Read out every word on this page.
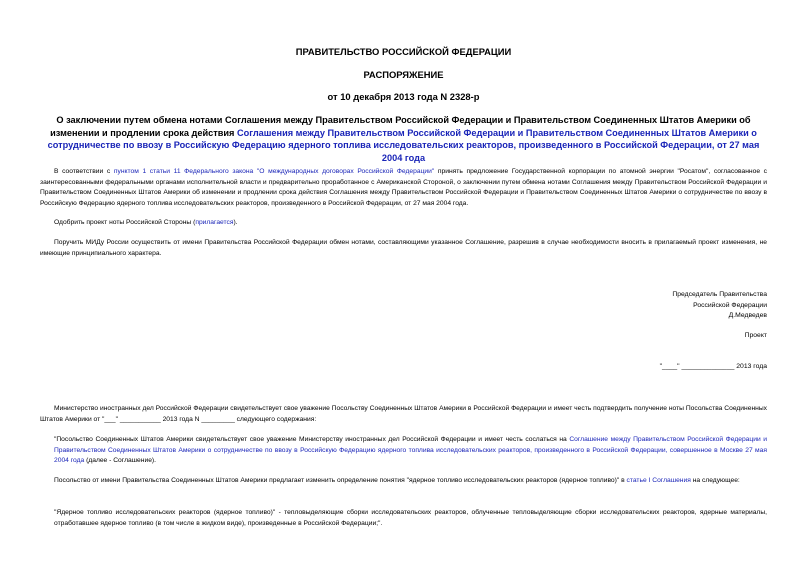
ПРАВИТЕЛЬСТВО РОССИЙСКОЙ ФЕДЕРАЦИИ
РАСПОРЯЖЕНИЕ
от 10 декабря 2013 года N 2328-р
О заключении путем обмена нотами Соглашения между Правительством Российской Федерации и Правительством Соединенных Штатов Америки об изменении и продлении срока действия Соглашения между Правительством Российской Федерации и Правительством Соединенных Штатов Америки о сотрудничестве по ввозу в Российскую Федерацию ядерного топлива исследовательских реакторов, произведенного в Российской Федерации, от 27 мая 2004 года
В соответствии с пунктом 1 статьи 11 Федерального закона "О международных договорах Российской Федерации" принять предложение Государственной корпорации по атомной энергии "Росатом", согласованное с заинтересованными федеральными органами исполнительной власти и предварительно проработанное с Американской Стороной, о заключении путем обмена нотами Соглашения между Правительством Российской Федерации и Правительством Соединенных Штатов Америки об изменении и продлении срока действия Соглашения между Правительством Российской Федерации и Правительством Соединенных Штатов Америки о сотрудничестве по ввозу в Российскую Федерацию ядерного топлива исследовательских реакторов, произведенного в Российской Федерации, от 27 мая 2004 года.
Одобрить проект ноты Российской Стороны (прилагается).
Поручить МИДу России осуществить от имени Правительства Российской Федерации обмен нотами, составляющими указанное Соглашение, разрешив в случае необходимости вносить в прилагаемый проект изменения, не имеющие принципиального характера.
Председатель Правительства
Российской Федерации
Д.Медведев
Проект
"____" ______________ 2013 года
Министерство иностранных дел Российской Федерации свидетельствует свое уважение Посольству Соединенных Штатов Америки в Российской Федерации и имеет честь подтвердить получение ноты Посольства Соединенных Штатов Америки от "___" ___________ 2013 года N _________ следующего содержания:
"Посольство Соединенных Штатов Америки свидетельствует свое уважение Министерству иностранных дел Российской Федерации и имеет честь сослаться на Соглашение между Правительством Российской Федерации и Правительством Соединенных Штатов Америки о сотрудничестве по ввозу в Российскую Федерацию ядерного топлива исследовательских реакторов, произведенного в Российской Федерации, совершенное в Москве 27 мая 2004 года (далее - Соглашение).
Посольство от имени Правительства Соединенных Штатов Америки предлагает изменить определение понятия "ядерное топливо исследовательских реакторов (ядерное топливо)" в статье I Соглашения на следующее:
"Ядерное топливо исследовательских реакторов (ядерное топливо)" - тепловыделяющие сборки исследовательских реакторов, облученные тепловыделяющие сборки исследовательских реакторов, ядерные материалы, отработавшее ядерное топливо (в том числе в жидком виде), произведенные в Российской Федерации;".
